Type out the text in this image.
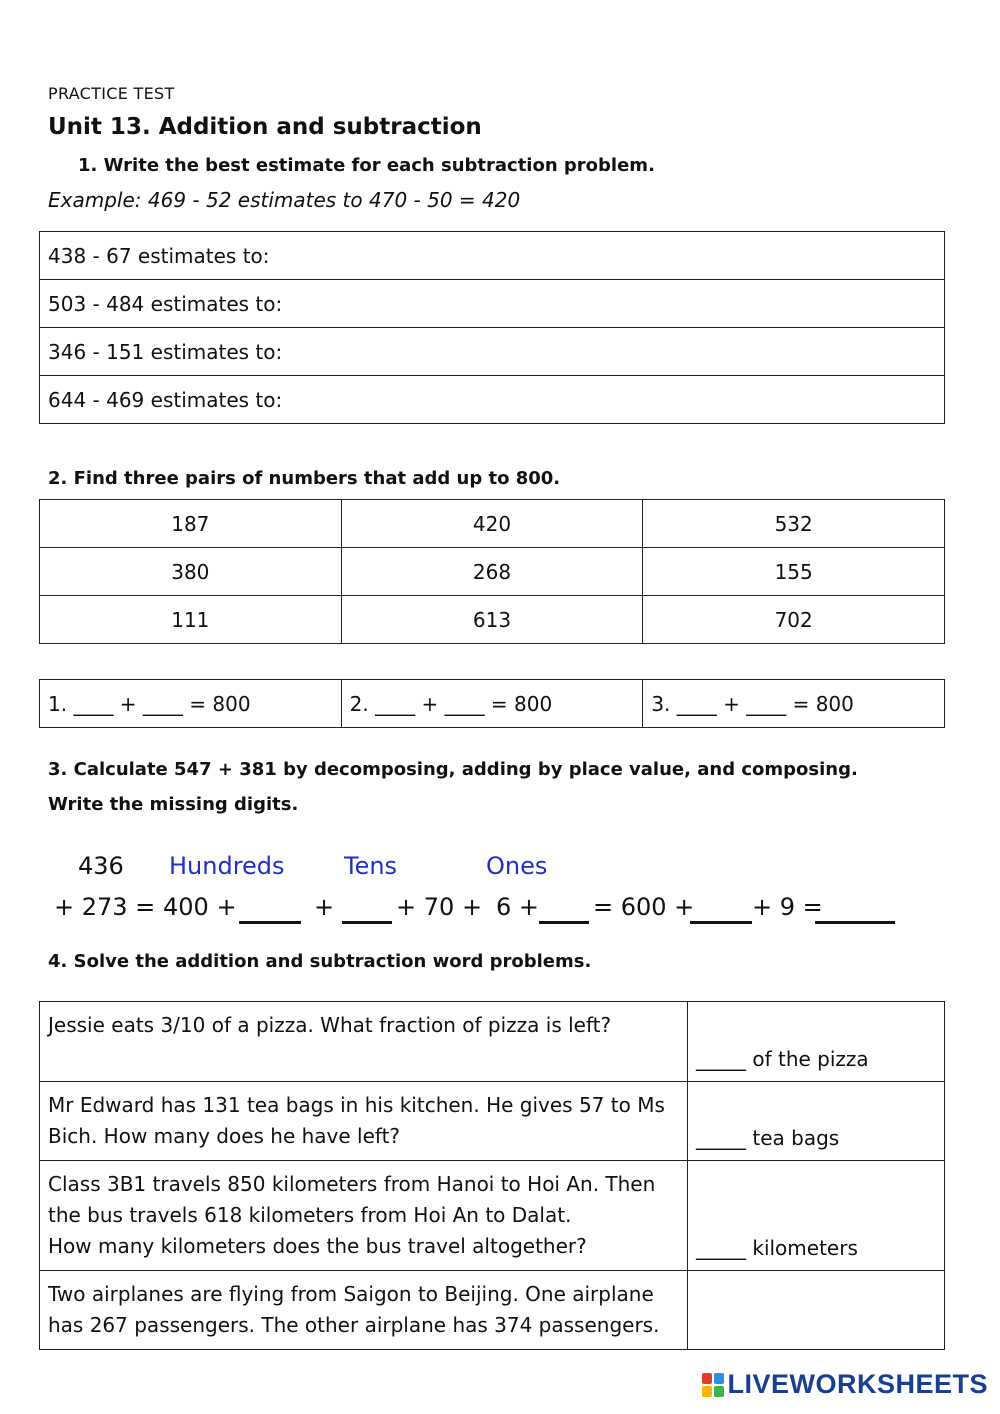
PRACTICE TEST
Unit 13. Addition and subtraction
1. Write the best estimate for each subtraction problem.
Example: 469 - 52 estimates to 470 - 50 = 420
438 - 67 estimates to:
503 - 484 estimates to:
346 - 151 estimates to:
644 - 469 estimates to:
2. Find three pairs of numbers that add up to 800.
187	420	532
380	268	155
111	613	702
1. ____ + ____ = 800	2. ____ + ____ = 800	3. ____ + ____ = 800
3. Calculate 547 + 381 by decomposing, adding by place value, and composing.
Write the missing digits.
436 Hundreds Tens	Ones
+ 273 = 400 +	+	+ 70 + 6 + = 600 + + 9 =
4. Solve the addition and subtraction word problems.
Jessie eats 3/10 of a pizza. What fraction of pizza is left?	_____ of the pizza

Mr Edward has 131 tea bags in his kitchen. He gives 57 to Ms
Bich. How many does he have left?	_____ tea bags

Class 3B1 travels 850 kilometers from Hanoi to Hoi An. Then
the bus travels 618 kilometers from Hoi An to Dalat.
How many kilometers does the bus travel altogether?	_____ kilometers

Two airplanes are flying from Saigon to Beijing. One airplane
has 267 passengers. The other airplane has 374 passengers.	

LIVEWORKSHEETS
